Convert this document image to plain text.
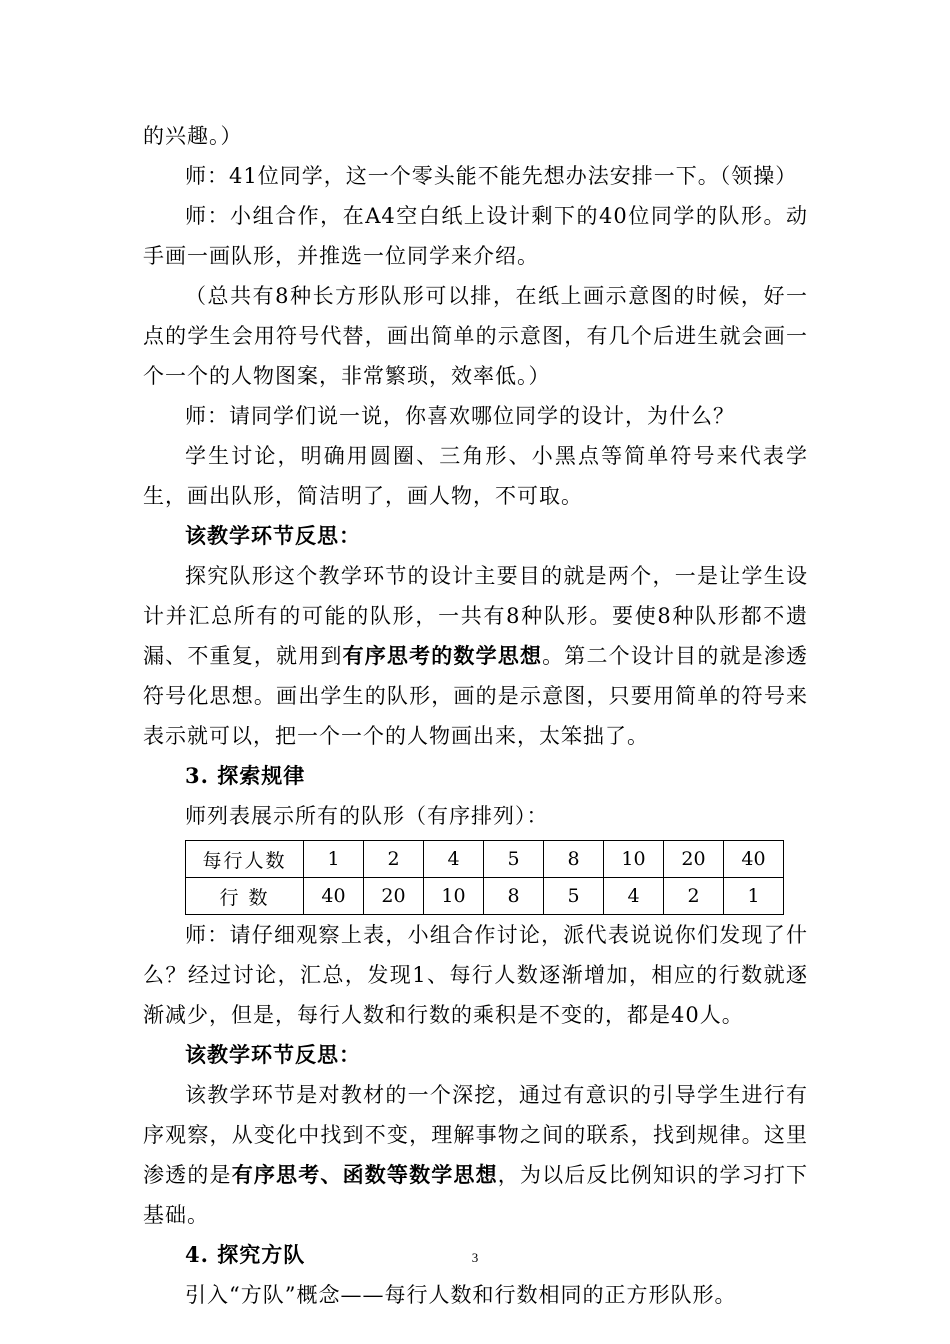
的兴趣。）

师：41位同学，这一个零头能不能先想办法安排一下。（领操）

师：小组合作，在A4空白纸上设计剩下的40位同学的队形。动手画一画队形，并推选一位同学来介绍。

（总共有8种长方形队形可以排，在纸上画示意图的时候，好一点的学生会用符号代替，画出简单的示意图，有几个后进生就会画一个一个的人物图案，非常繁琐，效率低。）

师：请同学们说一说，你喜欢哪位同学的设计，为什么？

学生讨论，明确用圆圈、三角形、小黑点等简单符号来代表学生，画出队形，简洁明了，画人物，不可取。

该教学环节反思：

探究队形这个教学环节的设计主要目的就是两个，一是让学生设计并汇总所有的可能的队形，一共有8种队形。要使8种队形都不遗漏、不重复，就用到有序思考的数学思想。第二个设计目的就是渗透符号化思想。画出学生的队形，画的是示意图，只要用简单的符号来表示就可以，把一个一个的人物画出来，太笨拙了。

3. 探索规律

师列表展示所有的队形（有序排列）：

每行人数	1	2	4	5	8	10	20	40
行 数	40	20	10	8	5	4	2	1

师：请仔细观察上表，小组合作讨论，派代表说说你们发现了什么？经过讨论，汇总，发现1、每行人数逐渐增加，相应的行数就逐渐减少，但是，每行人数和行数的乘积是不变的，都是40人。

该教学环节反思：

该教学环节是对教材的一个深挖，通过有意识的引导学生进行有序观察，从变化中找到不变，理解事物之间的联系，找到规律。这里渗透的是有序思考、函数等数学思想，为以后反比例知识的学习打下基础。

4. 探究方队

引入“方队”概念——每行人数和行数相同的正方形队形。

3
